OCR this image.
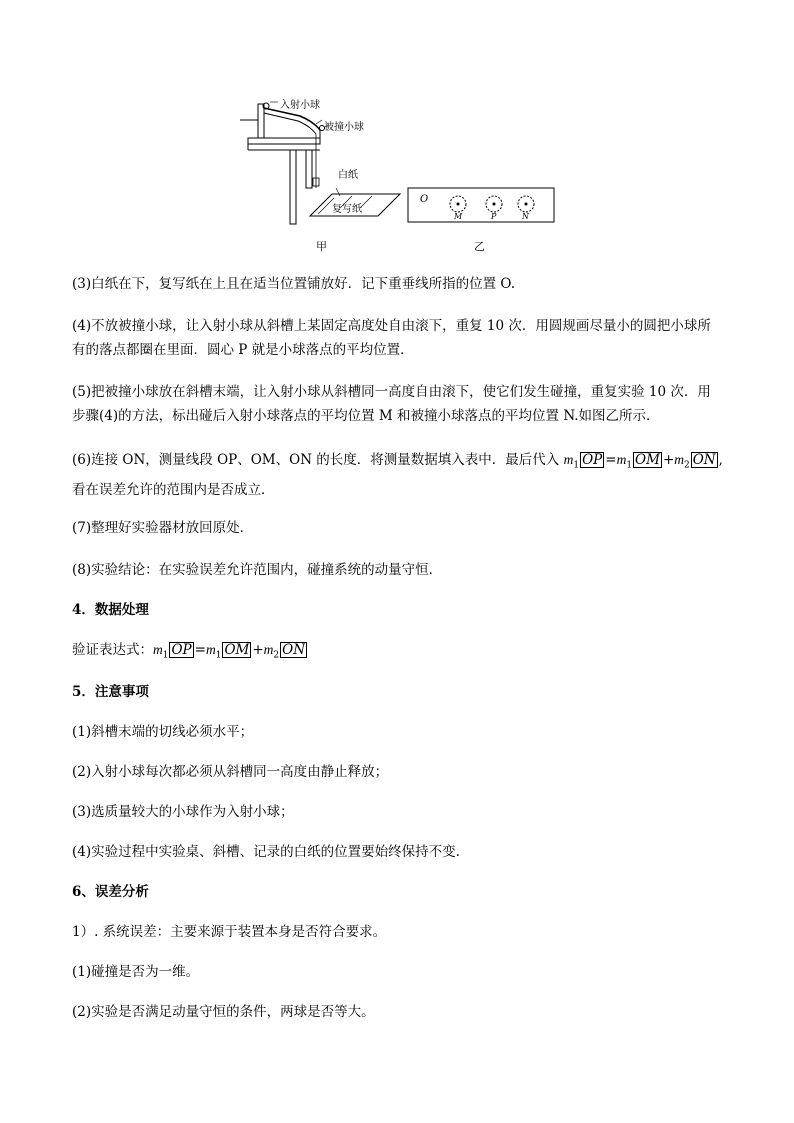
入射小球
被撞小球
白纸
复写纸
O
M	P	N
甲	乙
(3)白纸在下，复写纸在上且在适当位置铺放好．记下重垂线所指的位置 O.
(4)不放被撞小球，让入射小球从斜槽上某固定高度处自由滚下，重复 10 次．用圆规画尽量小的圆把小球所
有的落点都圈在里面．圆心 P 就是小球落点的平均位置．
(5)把被撞小球放在斜槽末端，让入射小球从斜槽同一高度自由滚下，使它们发生碰撞，重复实验 10 次．用
步骤(4)的方法，标出碰后入射小球落点的平均位置 M 和被撞小球落点的平均位置 N.如图乙所示．
(6)连接 ON，测量线段 OP、OM、ON 的长度．将测量数据填入表中．最后代入 $m_1$ OP $=m_1$ OM $+m_2$ ON ,
看在误差允许的范围内是否成立．
(7)整理好实验器材放回原处．
(8)实验结论：在实验误差允许范围内，碰撞系统的动量守恒．
4．数据处理
验证表达式：$m_1$ OP $=m_1$ OM $+m_2$ ON
5．注意事项
(1)斜槽末端的切线必须水平；
(2)入射小球每次都必须从斜槽同一高度由静止释放；
(3)选质量较大的小球作为入射小球；
(4)实验过程中实验桌、斜槽、记录的白纸的位置要始终保持不变.
6、误差分析
1）. 系统误差：主要来源于装置本身是否符合要求。
(1)碰撞是否为一维。
(2)实验是否满足动量守恒的条件，两球是否等大。
